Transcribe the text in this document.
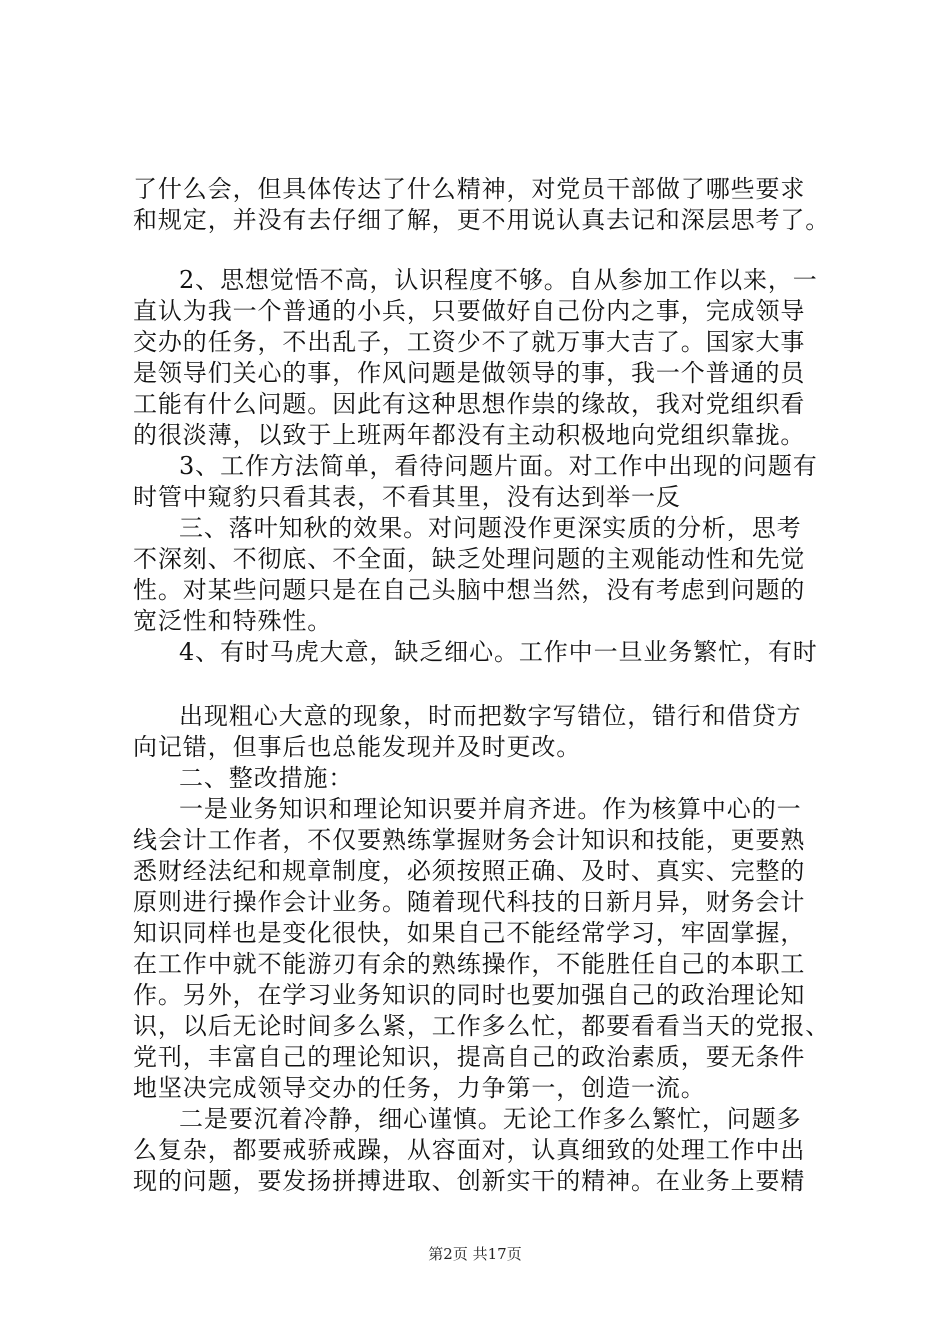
了什么会，但具体传达了什么精神，对党员干部做了哪些要求
和规定，并没有去仔细了解，更不用说认真去记和深层思考了。
2、思想觉悟不高，认识程度不够。自从参加工作以来，一
直认为我一个普通的小兵，只要做好自己份内之事，完成领导
交办的任务，不出乱子，工资少不了就万事大吉了。国家大事
是领导们关心的事，作风问题是做领导的事，我一个普通的员
工能有什么问题。因此有这种思想作祟的缘故，我对党组织看
的很淡薄，以致于上班两年都没有主动积极地向党组织靠拢。
3、工作方法简单，看待问题片面。对工作中出现的问题有
时管中窥豹只看其表，不看其里，没有达到举一反
三、落叶知秋的效果。对问题没作更深实质的分析，思考
不深刻、不彻底、不全面，缺乏处理问题的主观能动性和先觉
性。对某些问题只是在自己头脑中想当然，没有考虑到问题的
宽泛性和特殊性。
4、有时马虎大意，缺乏细心。工作中一旦业务繁忙，有时
出现粗心大意的现象，时而把数字写错位，错行和借贷方
向记错，但事后也总能发现并及时更改。
二、整改措施：
一是业务知识和理论知识要并肩齐进。作为核算中心的一
线会计工作者，不仅要熟练掌握财务会计知识和技能，更要熟
悉财经法纪和规章制度，必须按照正确、及时、真实、完整的
原则进行操作会计业务。随着现代科技的日新月异，财务会计
知识同样也是变化很快，如果自己不能经常学习，牢固掌握，
在工作中就不能游刃有余的熟练操作，不能胜任自己的本职工
作。另外，在学习业务知识的同时也要加强自己的政治理论知
识，以后无论时间多么紧，工作多么忙，都要看看当天的党报、
党刊，丰富自己的理论知识，提高自己的政治素质，要无条件
地坚决完成领导交办的任务，力争第一，创造一流。
二是要沉着冷静，细心谨慎。无论工作多么繁忙，问题多
么复杂，都要戒骄戒躁，从容面对，认真细致的处理工作中出
现的问题，要发扬拼搏进取、创新实干的精神。在业务上要精
第2页 共17页
